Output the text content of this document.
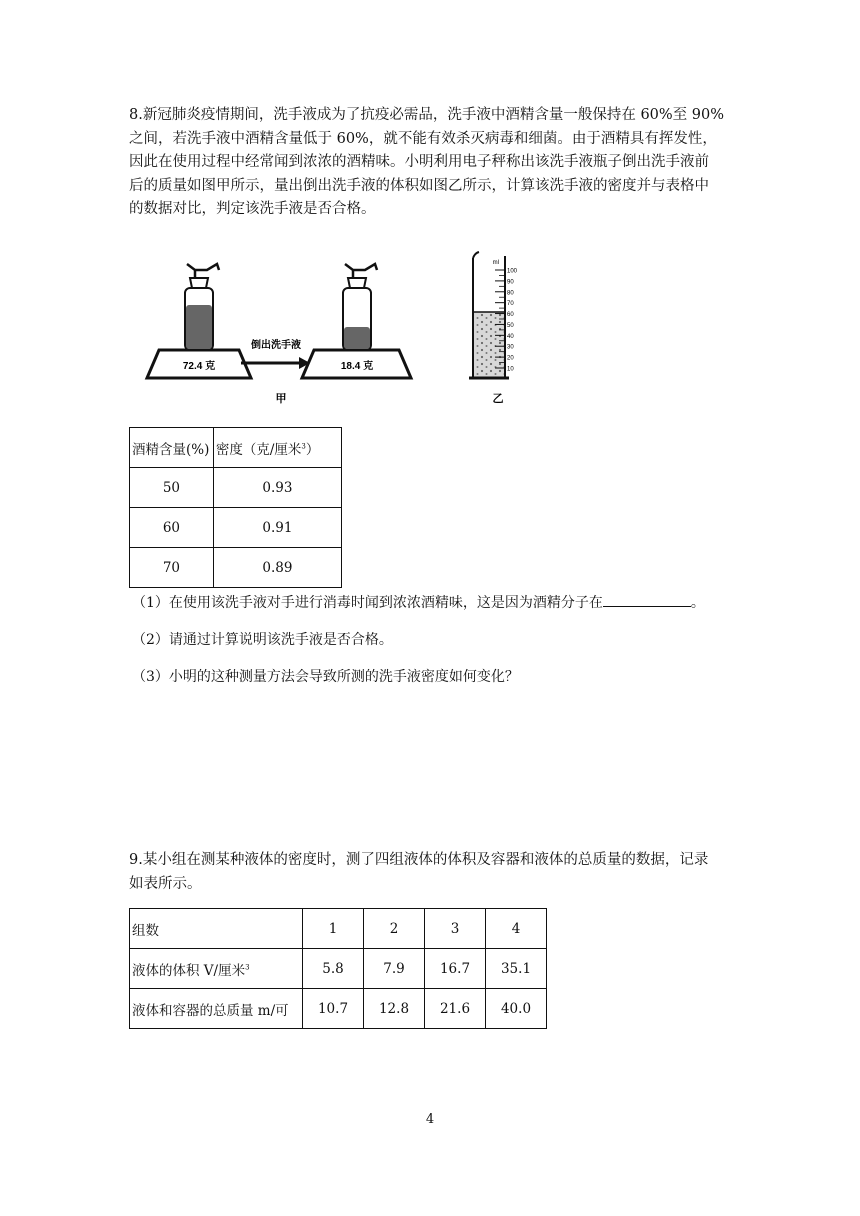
8.新冠肺炎疫情期间，洗手液成为了抗疫必需品，洗手液中酒精含量一般保持在 60%至 90%
之间，若洗手液中酒精含量低于 60%，就不能有效杀灭病毒和细菌。由于酒精具有挥发性，
因此在使用过程中经常闻到浓浓的酒精味。小明利用电子秤称出该洗手液瓶子倒出洗手液前
后的质量如图甲所示，量出倒出洗手液的体积如图乙所示，计算该洗手液的密度并与表格中
的数据对比，判定该洗手液是否合格。

72.4 克
倒出洗手液
18.4 克
ml
100
90
80
70
60
50
40
30
20
10
甲	乙
酒精含量(%)	密度（克/厘米$^3$）
50	0.93
60	0.91
70	0.89
（1）在使用该洗手液对手进行消毒时闻到浓浓酒精味，这是因为酒精分子在	。
（2）请通过计算说明该洗手液是否合格。
（3）小明的这种测量方法会导致所测的洗手液密度如何变化？

9.某小组在测某种液体的密度时，测了四组液体的体积及容器和液体的总质量的数据，记录
如表所示。

组数	1	2	3	4
液体的体积 V/厘米$^3$	5.8	7.9	16.7	35.1
液体和容器的总质量 m/可	10.7	12.8	21.6	40.0
4
